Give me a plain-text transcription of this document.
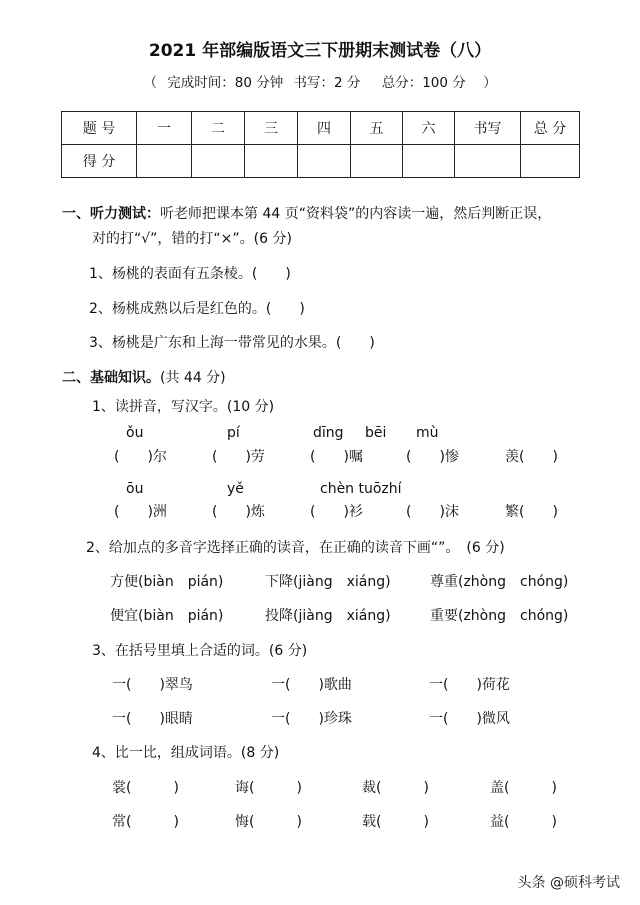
2021 年部编版语文三下册期末测试卷（八）
（ 完成时间：80 分钟 书写：2 分 总分：100 分 ）
题 号	一	二	三	四	五	六	书写	总 分
得 分								
一、听力测试：听老师把课本第 44 页“资料袋”的内容读一遍，然后判断正误，
对的打“√”，错的打“×”。(6 分)
1、杨桃的表面有五条棱。(　　)
2、杨桃成熟以后是红色的。(　　)
3、杨桃是广东和上海一带常见的水果。(　　)
二、基础知识。(共 44 分)
1、读拼音，写汉字。(10 分)
ǒu	pí	dīng bēi mù
(　　)尔	(　　)劳	(　　)嘱	(　　)惨	羡(　　)
ōu	yě	chèn tuōzhí
(　　)洲	(　　)炼	(　　)衫	(　　)沫	繁(　　)
2、给加点的多音字选择正确的读音，在正确的读音下画“”。　(6 分)
方便(biàn　pián)	下降(jiàng　xiáng)	尊重(zhòng　chóng)
便宜(biàn　pián)	投降(jiàng　xiáng)	重要(zhòng　chóng)
3、在括号里填上合适的词。(6 分)
一(　　)翠鸟	一(　　)歌曲	一(　　)荷花
一(　　)眼睛	一(　　)珍珠	一(　　)微风
4、比一比，组成词语。(8 分)
裳(　　　)	诲(　　　)	裁(　　　)	盖(　　　)
常(　　　)	悔(　　　)	载(　　　)	益(　　　)
头条 @硕科考试
